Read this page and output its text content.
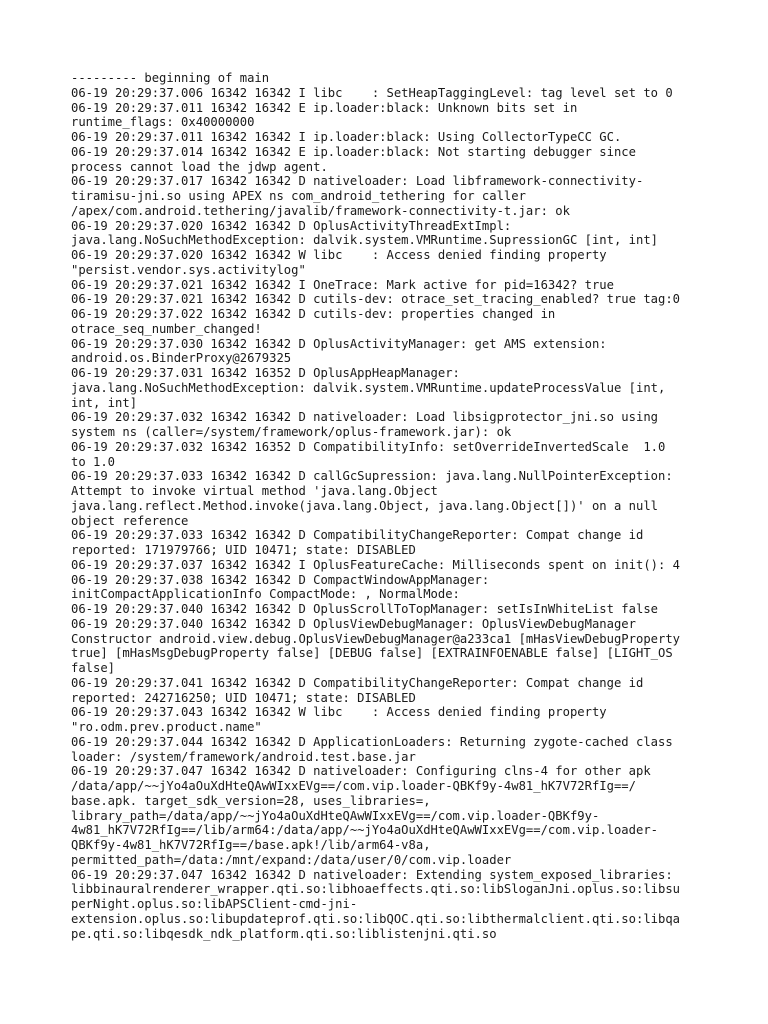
--------- beginning of main
06-19 20:29:37.006 16342 16342 I libc    : SetHeapTaggingLevel: tag level set to 0
06-19 20:29:37.011 16342 16342 E ip.loader:black: Unknown bits set in
runtime_flags: 0x40000000
06-19 20:29:37.011 16342 16342 I ip.loader:black: Using CollectorTypeCC GC.
06-19 20:29:37.014 16342 16342 E ip.loader:black: Not starting debugger since
process cannot load the jdwp agent.
06-19 20:29:37.017 16342 16342 D nativeloader: Load libframework-connectivity-
tiramisu-jni.so using APEX ns com_android_tethering for caller
/apex/com.android.tethering/javalib/framework-connectivity-t.jar: ok
06-19 20:29:37.020 16342 16342 D OplusActivityThreadExtImpl:
java.lang.NoSuchMethodException: dalvik.system.VMRuntime.SupressionGC [int, int]
06-19 20:29:37.020 16342 16342 W libc    : Access denied finding property
"persist.vendor.sys.activitylog"
06-19 20:29:37.021 16342 16342 I OneTrace: Mark active for pid=16342? true
06-19 20:29:37.021 16342 16342 D cutils-dev: otrace_set_tracing_enabled? true tag:0
06-19 20:29:37.022 16342 16342 D cutils-dev: properties changed in
otrace_seq_number_changed!
06-19 20:29:37.030 16342 16342 D OplusActivityManager: get AMS extension:
android.os.BinderProxy@2679325
06-19 20:29:37.031 16342 16352 D OplusAppHeapManager:
java.lang.NoSuchMethodException: dalvik.system.VMRuntime.updateProcessValue [int,
int, int]
06-19 20:29:37.032 16342 16342 D nativeloader: Load libsigprotector_jni.so using
system ns (caller=/system/framework/oplus-framework.jar): ok
06-19 20:29:37.032 16342 16352 D CompatibilityInfo: setOverrideInvertedScale  1.0
to 1.0
06-19 20:29:37.033 16342 16342 D callGcSupression: java.lang.NullPointerException:
Attempt to invoke virtual method 'java.lang.Object
java.lang.reflect.Method.invoke(java.lang.Object, java.lang.Object[])' on a null
object reference
06-19 20:29:37.033 16342 16342 D CompatibilityChangeReporter: Compat change id
reported: 171979766; UID 10471; state: DISABLED
06-19 20:29:37.037 16342 16342 I OplusFeatureCache: Milliseconds spent on init(): 4
06-19 20:29:37.038 16342 16342 D CompactWindowAppManager:
initCompactApplicationInfo CompactMode: , NormalMode:
06-19 20:29:37.040 16342 16342 D OplusScrollToTopManager: setIsInWhiteList false
06-19 20:29:37.040 16342 16342 D OplusViewDebugManager: OplusViewDebugManager
Constructor android.view.debug.OplusViewDebugManager@a233ca1 [mHasViewDebugProperty
true] [mHasMsgDebugProperty false] [DEBUG false] [EXTRAINFOENABLE false] [LIGHT_OS
false]
06-19 20:29:37.041 16342 16342 D CompatibilityChangeReporter: Compat change id
reported: 242716250; UID 10471; state: DISABLED
06-19 20:29:37.043 16342 16342 W libc    : Access denied finding property
"ro.odm.prev.product.name"
06-19 20:29:37.044 16342 16342 D ApplicationLoaders: Returning zygote-cached class
loader: /system/framework/android.test.base.jar
06-19 20:29:37.047 16342 16342 D nativeloader: Configuring clns-4 for other apk
/data/app/~~jYo4aOuXdHteQAwWIxxEVg==/com.vip.loader-QBKf9y-4w81_hK7V72RfIg==/
base.apk. target_sdk_version=28, uses_libraries=,
library_path=/data/app/~~jYo4aOuXdHteQAwWIxxEVg==/com.vip.loader-QBKf9y-
4w81_hK7V72RfIg==/lib/arm64:/data/app/~~jYo4aOuXdHteQAwWIxxEVg==/com.vip.loader-
QBKf9y-4w81_hK7V72RfIg==/base.apk!/lib/arm64-v8a,
permitted_path=/data:/mnt/expand:/data/user/0/com.vip.loader
06-19 20:29:37.047 16342 16342 D nativeloader: Extending system_exposed_libraries:
libbinauralrenderer_wrapper.qti.so:libhoaeffects.qti.so:libSloganJni.oplus.so:libsu
perNight.oplus.so:libAPSClient-cmd-jni-
extension.oplus.so:libupdateprof.qti.so:libQOC.qti.so:libthermalclient.qti.so:libqa
pe.qti.so:libqesdk_ndk_platform.qti.so:liblistenjni.qti.so
